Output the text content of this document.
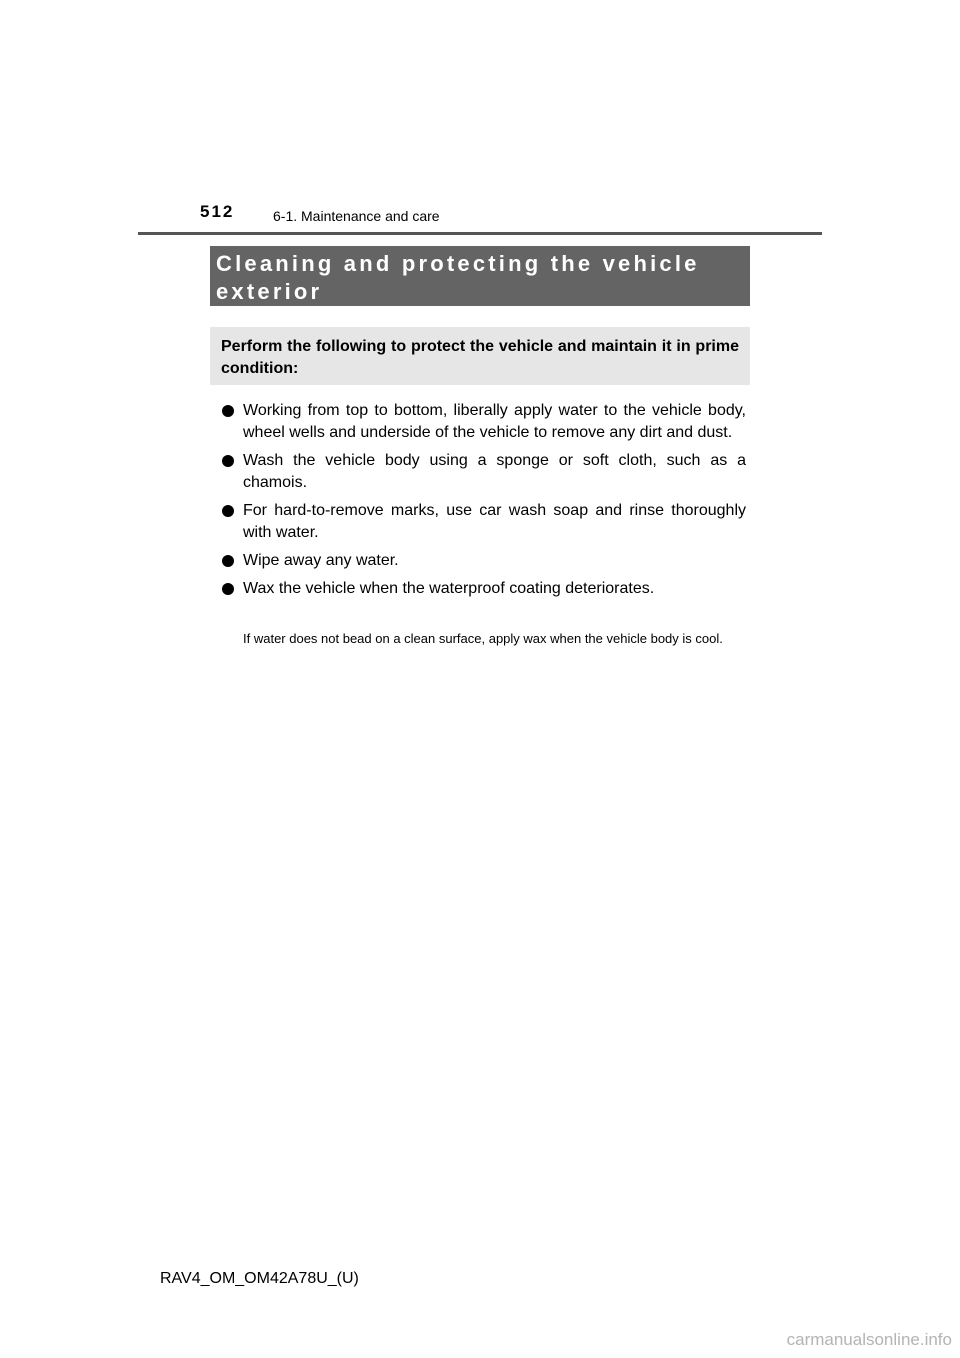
512	6-1. Maintenance and care
Cleaning and protecting the vehicle exterior
Perform the following to protect the vehicle and maintain it in prime condition:
Working from top to bottom, liberally apply water to the vehicle body, wheel wells and underside of the vehicle to remove any dirt and dust.
Wash the vehicle body using a sponge or soft cloth, such as a chamois.
For hard-to-remove marks, use car wash soap and rinse thoroughly with water.
Wipe away any water.
Wax the vehicle when the waterproof coating deteriorates.
If water does not bead on a clean surface, apply wax when the vehicle body is cool.
RAV4_OM_OM42A78U_(U)
carmanualsonline.info
